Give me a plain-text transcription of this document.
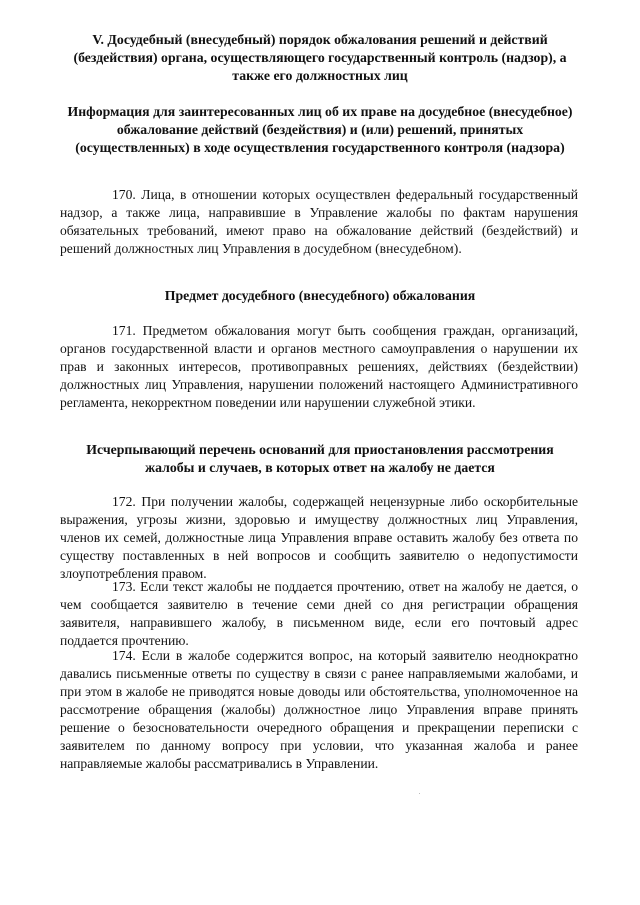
V. Досудебный (внесудебный) порядок обжалования решений и действий (бездействия) органа, осуществляющего государственный контроль (надзор), а также его должностных лиц
Информация для заинтересованных лиц об их праве на досудебное (внесудебное) обжалование действий (бездействия) и (или) решений, принятых (осуществленных) в ходе осуществления государственного контроля (надзора)
170. Лица, в отношении которых осуществлен федеральный государственный надзор, а также лица, направившие в Управление жалобы по фактам нарушения обязательных требований, имеют право на обжалование действий (бездействий) и решений должностных лиц Управления в досудебном (внесудебном).
Предмет досудебного (внесудебного) обжалования
171. Предметом обжалования могут быть сообщения граждан, организаций, органов государственной власти и органов местного самоуправления о нарушении их прав и законных интересов, противоправных решениях, действиях (бездействии) должностных лиц Управления, нарушении положений настоящего Административного регламента, некорректном поведении или нарушении служебной этики.
Исчерпывающий перечень оснований для приостановления рассмотрения жалобы и случаев, в которых ответ на жалобу не дается
172. При получении жалобы, содержащей нецензурные либо оскорбительные выражения, угрозы жизни, здоровью и имуществу должностных лиц Управления, членов их семей, должностные лица Управления вправе оставить жалобу без ответа по существу поставленных в ней вопросов и сообщить заявителю о недопустимости злоупотребления правом.
173. Если текст жалобы не поддается прочтению, ответ на жалобу не дается, о чем сообщается заявителю в течение семи дней со дня регистрации обращения заявителя, направившего жалобу, в письменном виде, если его почтовый адрес поддается прочтению.
174. Если в жалобе содержится вопрос, на который заявителю неоднократно давались письменные ответы по существу в связи с ранее направляемыми жалобами, и при этом в жалобе не приводятся новые доводы или обстоятельства, уполномоченное на рассмотрение обращения (жалобы) должностное лицо Управления вправе принять решение о безосновательности очередного обращения и прекращении переписки с заявителем по данному вопросу при условии, что указанная жалоба и ранее направляемые жалобы рассматривались в Управлении.
